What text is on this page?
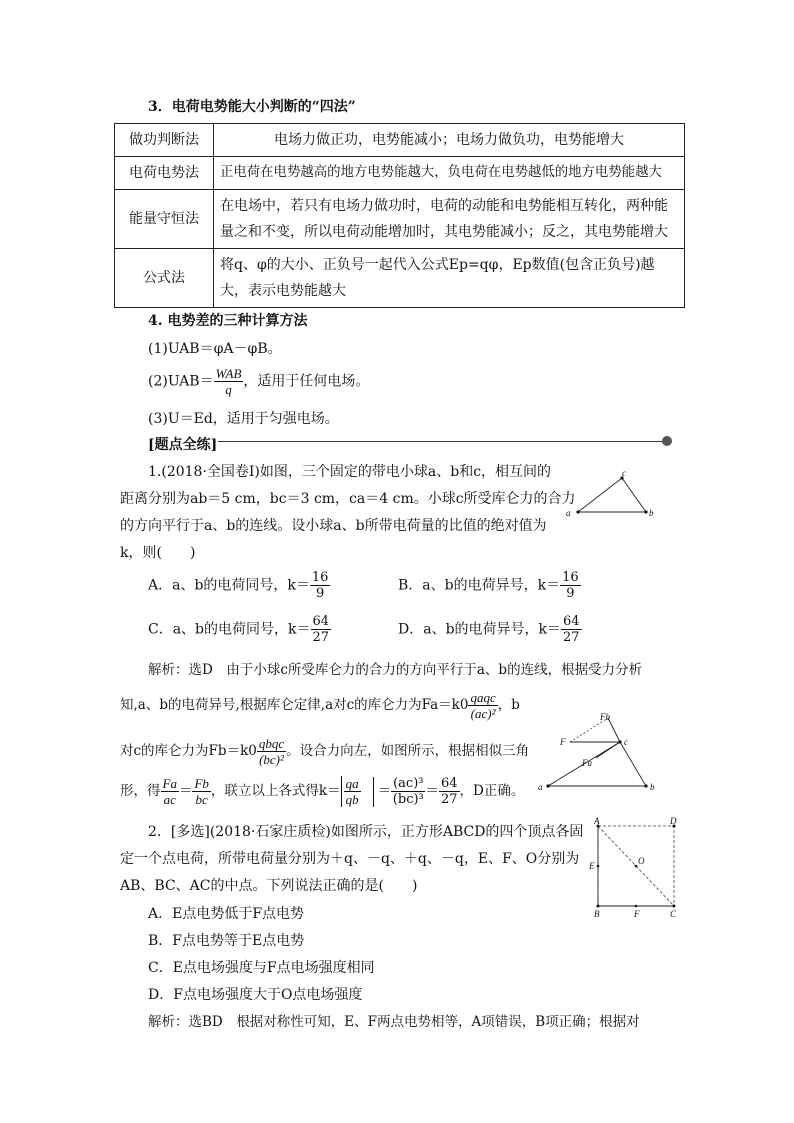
3．电荷电势能大小判断的“四法”
做功判断法	电场力做正功，电势能减小；电场力做负功，电势能增大
电荷电势法	正电荷在电势越高的地方电势能越大，负电荷在电势越低的地方电势能越大
能量守恒法	在电场中，若只有电场力做功时，电荷的动能和电势能相互转化，两种能量之和不变，所以电荷动能增加时，其电势能减小；反之，其电势能增大
公式法	将q、φ的大小、正负号一起代入公式Ep=qφ，Ep数值(包含正负号)越大，表示电势能越大
4. 电势差的三种计算方法
(1)UAB＝φA－φB。
$(2)UAB= \frac{\text{WAB}}{q}$ ，适用于任何电场。
(3)U＝Ed，适用于匀强电场。
[题点全练]
1.(2018·全国卷Ⅰ)如图，三个固定的带电小球a、b和c，相互间的
距离分别为ab＝5 cm，bc＝3 cm，ca＝4 cm。小球c所受库仑力的合力
的方向平行于a、b的连线。设小球a、b所带电荷量的比值的绝对值为
k，则(　　)
A．a、b的电荷同号，$k= \frac{16}{9}$	B．a、b的电荷异号，$k= \frac{16}{9}$
C．a、b的电荷同号，$k= \frac{64}{27}$	D．a、b的电荷异号，$k= \frac{64}{27}$
a
c
b
解析：选D　由于小球c所受库仑力的合力的方向平行于a、b的连线，根据受力分析
知,a、b的电荷异号,根据库仑定律,a对c的库仑力为$Fa=k0 \frac{\text{qaqc}}{\text{(ac)²}}$ ，b
对c的库仑力为$Fb=k0 \frac{\text{qbqc}}{\text{(bc)²}}$ 。设合力向左，如图所示，根据相似三角
形，得 $\frac{Fa}{ac} = \frac{Fb}{bc}$ ，联立以上各式得$k= \frac{qa}{qb} = \frac{\text{(ac)³}}{\text{(bc)³}} = \frac{64}{27}$ ，D正确。 a	b
c
F
Fb
Fa
2．[多选](2018·石家庄质检)如图所示，正方形ABCD的四个顶点各固
定一个点电荷，所带电荷量分别为＋q、－q、＋q、－q，E、F、O分别为
AB、BC、AC的中点。下列说法正确的是(　　)
A．E点电势低于F点电势
B．F点电势等于E点电势
C．E点电场强度与F点电场强度相同
D．F点电场强度大于O点电场强度
解析：选BD　根据对称性可知，E、F两点电势相等，A项错误，B项正确；根据对
A	D
B	C
E
F
O
